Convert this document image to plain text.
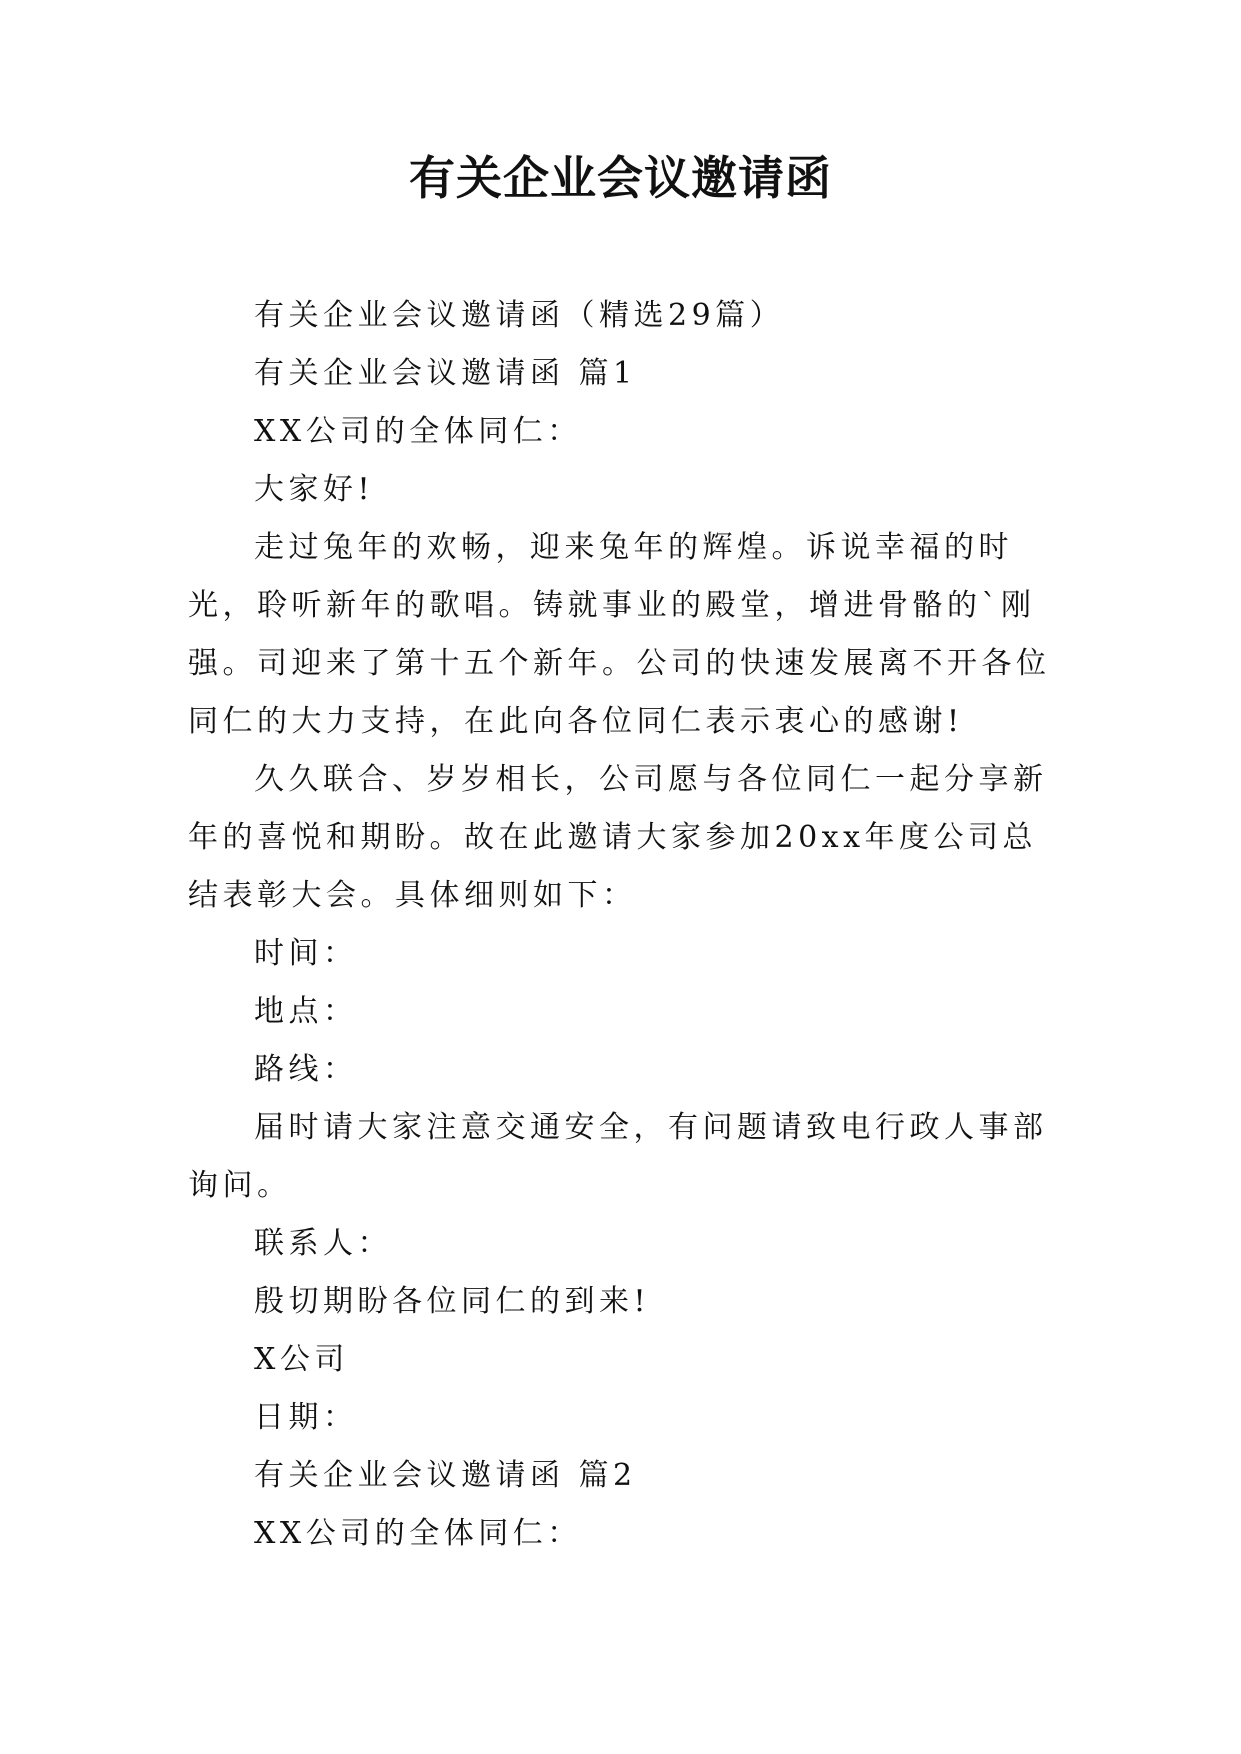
有关企业会议邀请函

有关企业会议邀请函（精选29篇）

有关企业会议邀请函 篇1

XX公司的全体同仁：

大家好!

走过兔年的欢畅，迎来兔年的辉煌。诉说幸福的时光，聆听新年的歌唱。铸就事业的殿堂，增进骨骼的`刚强。司迎来了第十五个新年。公司的快速发展离不开各位同仁的大力支持，在此向各位同仁表示衷心的感谢!

久久联合、岁岁相长，公司愿与各位同仁一起分享新年的喜悦和期盼。故在此邀请大家参加20xx年度公司总结表彰大会。具体细则如下：

时间：

地点：

路线：

届时请大家注意交通安全，有问题请致电行政人事部询问。

联系人：

殷切期盼各位同仁的到来!

X公司

日期：

有关企业会议邀请函 篇2

XX公司的全体同仁：
